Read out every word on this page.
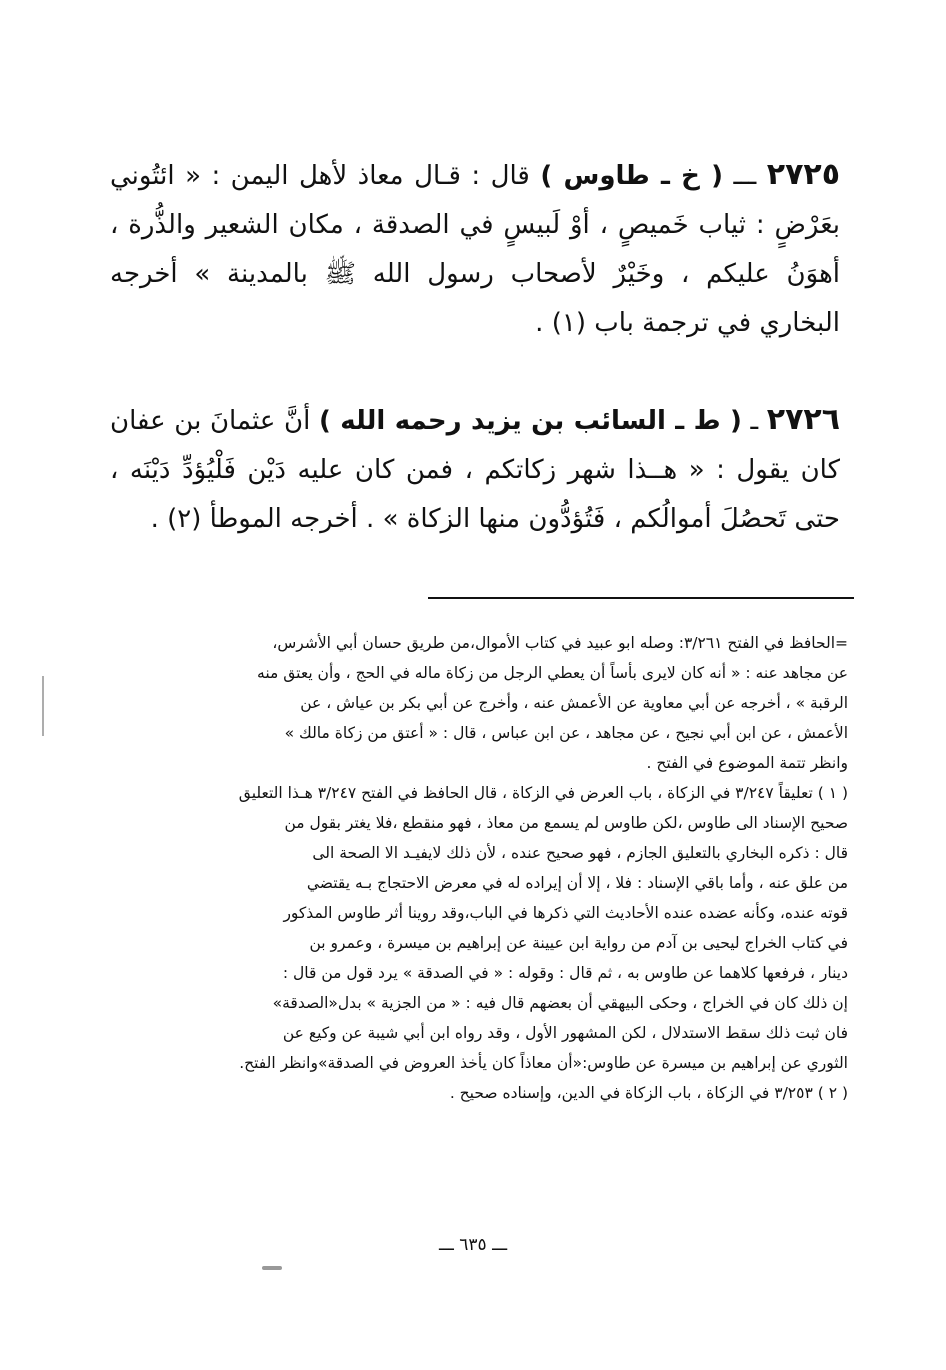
٢٧٢٥ ـــ ( خ ـ طاوس ) قال : قـال معاذ لأهل اليمن : « ائتُوني بعَرْضٍ : ثياب خَميصٍ ، أوْ لَبيسٍ في الصدقة ، مكان الشعير والذُّرة ، أهوَنُ عليكم ، وخَيْرٌ لأصحاب رسول الله ﷺ بالمدينة » أخرجه البخاري في ترجمة باب (١) .
٢٧٢٦ ـ ( ط ـ السائب بن يزيد رحمه الله ) أنَّ عثمانَ بن عفان كان يقول : « هــذا شهر زكاتكم ، فمن كان عليه دَيْن فَلْيُؤدِّ دَيْنَه ، حتى تَحصُلَ أموالُكم ، فَتُؤدُّون منها الزكاة » . أخرجه الموطأ (٢) .
=الحافظ في الفتح ٣/٢٦١: وصله ابو عبيد في كتاب الأموال،من طريق حسان أبي الأشرس،
عن مجاهد عنه : « أنه كان لايرى بأساً أن يعطي الرجل من زكاة ماله في الحج ، وأن يعتق منه
الرقبة » ، أخرجه عن أبي معاوية عن الأعمش عنه ، وأخرج عن أبي بكر بن عياش ، عن
الأعمش ، عن ابن أبي نجيح ، عن مجاهد ، عن ابن عباس ، قال : « أعتق من زكاة مالك »
وانظر تتمة الموضوع في الفتح .
( ١ ) تعليقاً ٣/٢٤٧ في الزكاة ، باب العرض في الزكاة ، قال الحافظ في الفتح ٣/٢٤٧ هـذا التعليق
صحيح الإسناد الى طاوس ،لكن طاوس لم يسمع من معاذ ، فهو منقطع ،فلا يغتر بقول من
قال : ذكره البخاري بالتعليق الجازم ، فهو صحيح عنده ، لأن ذلك لايفيـد الا الصحة الى
من علق عنه ، وأما باقي الإسناد : فلا ، إلا أن إيراده له في معرض الاحتجاج بـه يقتضي
قوته عنده، وكأنه عضده عنده الأحاديث التي ذكرها في الباب،وقد روينا أثر طاوس المذكور
في كتاب الخراج ليحيى بن آدم من رواية ابن عيينة عن إبراهيم بن ميسرة ، وعمرو بن
دينار ، فرفعها كلاهما عن طاوس به ، ثم قال : وقوله : « في الصدقة » يرد قول من قال :
إن ذلك كان في الخراج ، وحكى البيهقي أن بعضهم قال فيه : « من الجزية » بدل«الصدقة»
فان ثبت ذلك سقط الاستدلال ، لكن المشهور الأول ، وقد رواه ابن أبي شيبة عن وكيع عن
الثوري عن إبراهيم بن ميسرة عن طاوس:«أن معاذاً كان يأخذ العروض في الصدقة»وانظر الفتح.
( ٢ ) ٣/٢٥٣ في الزكاة ، باب الزكاة في الدين، وإسناده صحيح .
ـــ ٦٣٥ ـــ
